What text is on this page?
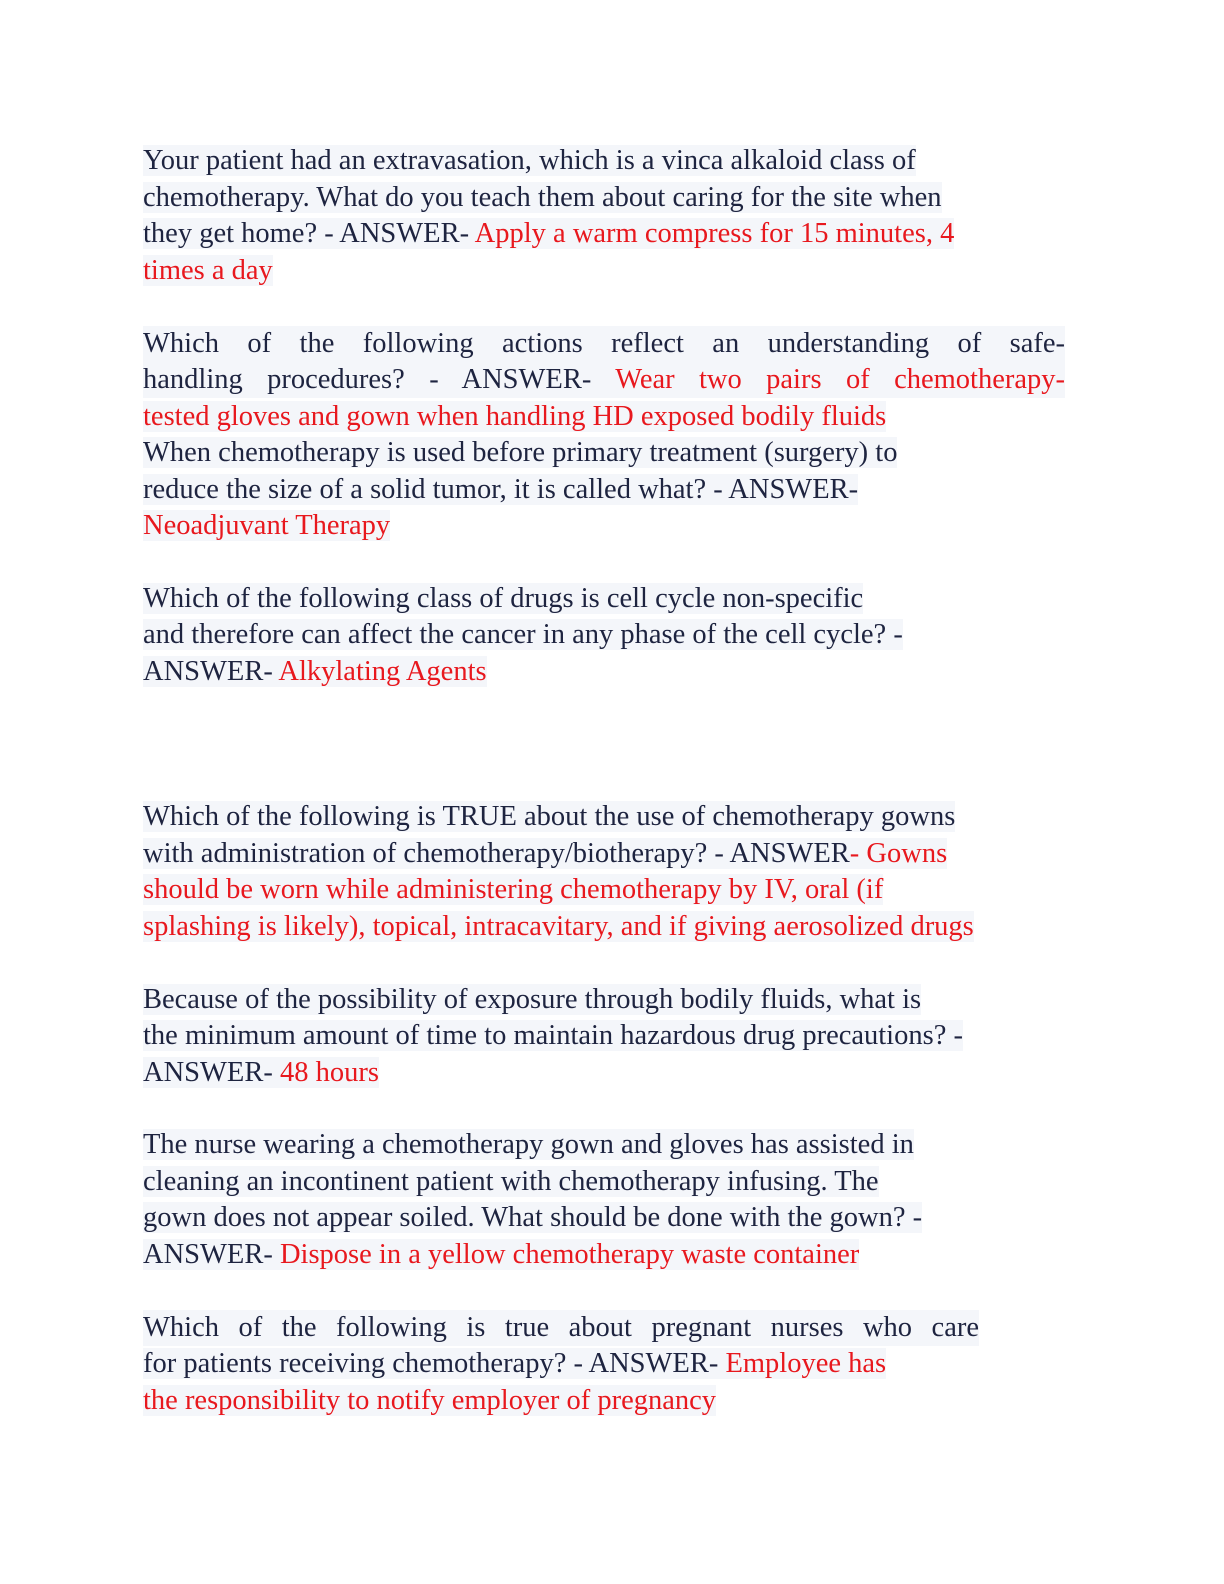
Your patient had an extravasation, which is a vinca alkaloid class of
chemotherapy. What do you teach them about caring for the site when
they get home? - ANSWER- Apply a warm compress for 15 minutes, 4
times a day
Which of the following actions reflect an understanding of safe-
handling procedures? - ANSWER- Wear two pairs of chemotherapy-
tested gloves and gown when handling HD exposed bodily fluids
When chemotherapy is used before primary treatment (surgery) to
reduce the size of a solid tumor, it is called what? - ANSWER-
Neoadjuvant Therapy
Which of the following class of drugs is cell cycle non-specific
and therefore can affect the cancer in any phase of the cell cycle? -
ANSWER- Alkylating Agents
Which of the following is TRUE about the use of chemotherapy gowns
with administration of chemotherapy/biotherapy? - ANSWER- Gowns
should be worn while administering chemotherapy by IV, oral (if
splashing is likely), topical, intracavitary, and if giving aerosolized drugs
Because of the possibility of exposure through bodily fluids, what is
the minimum amount of time to maintain hazardous drug precautions? -
ANSWER- 48 hours
The nurse wearing a chemotherapy gown and gloves has assisted in
cleaning an incontinent patient with chemotherapy infusing. The
gown does not appear soiled. What should be done with the gown? -
ANSWER- Dispose in a yellow chemotherapy waste container
Which of the following is true about pregnant nurses who care
for patients receiving chemotherapy? - ANSWER- Employee has
the responsibility to notify employer of pregnancy
